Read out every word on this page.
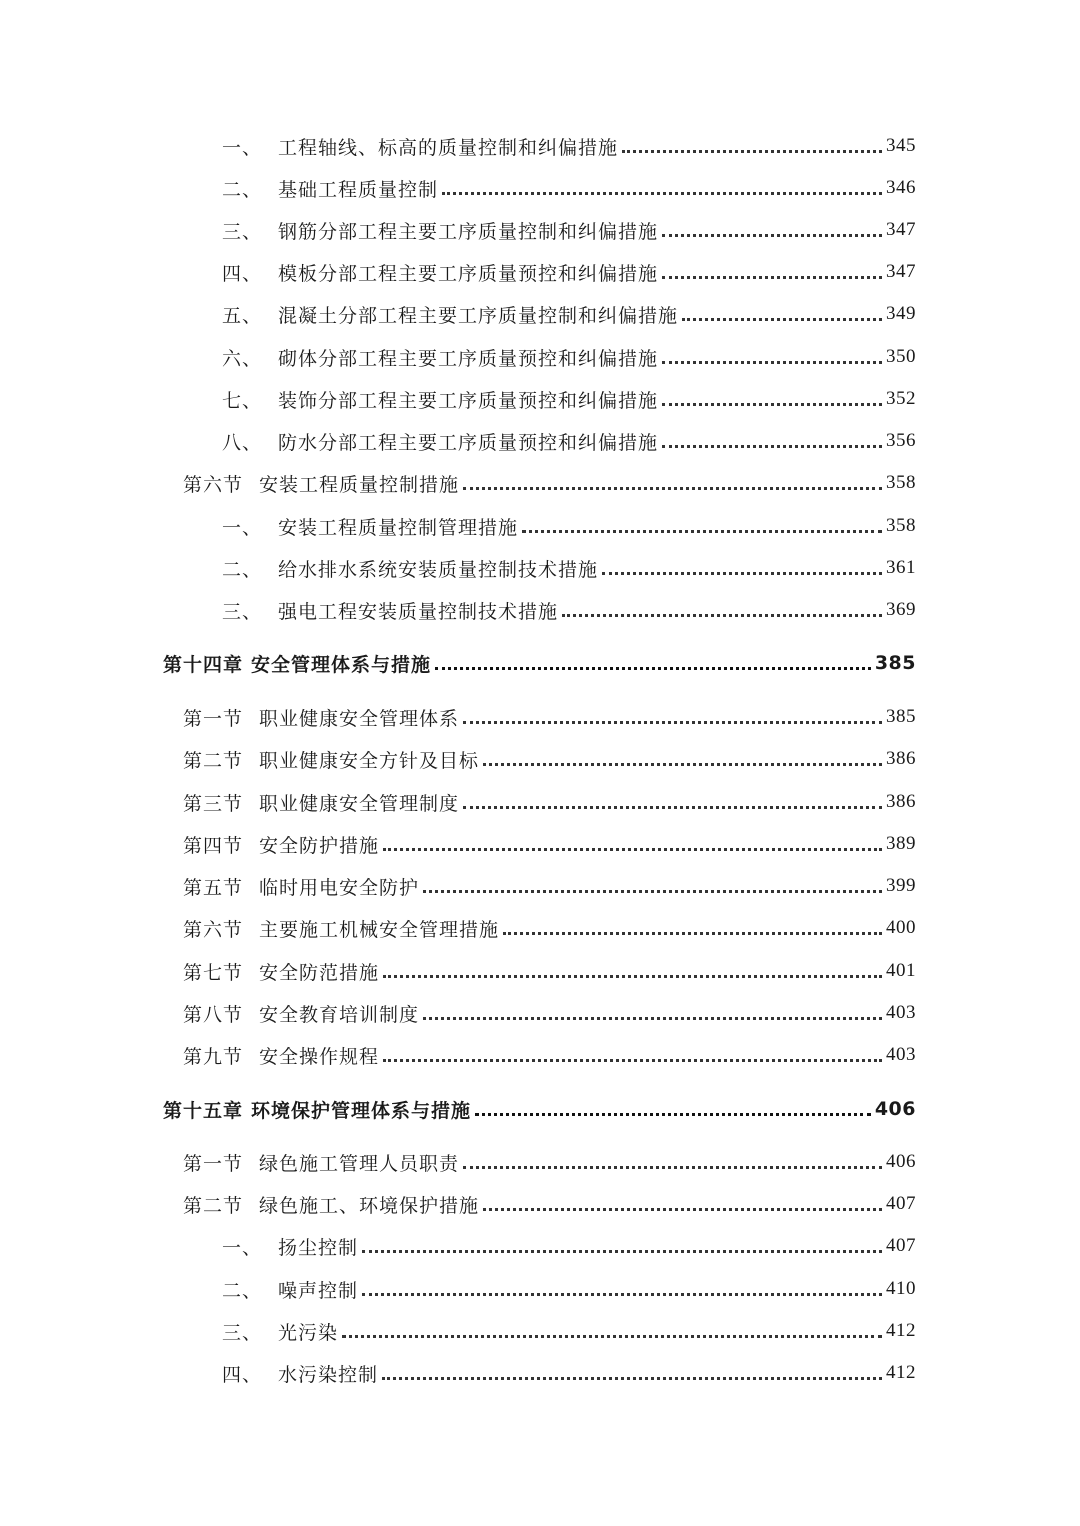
一、 工程轴线、标高的质量控制和纠偏措施	345
二、 基础工程质量控制	346
三、 钢筋分部工程主要工序质量控制和纠偏措施	347
四、 模板分部工程主要工序质量预控和纠偏措施	347
五、 混凝土分部工程主要工序质量控制和纠偏措施	349
六、 砌体分部工程主要工序质量预控和纠偏措施	350
七、 装饰分部工程主要工序质量预控和纠偏措施	352
八、 防水分部工程主要工序质量预控和纠偏措施	356
第六节 安装工程质量控制措施	358
一、 安装工程质量控制管理措施	358
二、 给水排水系统安装质量控制技术措施	361
三、 强电工程安装质量控制技术措施	369
第十四章 安全管理体系与措施	385
第一节 职业健康安全管理体系	385
第二节 职业健康安全方针及目标	386
第三节 职业健康安全管理制度	386
第四节 安全防护措施	389
第五节 临时用电安全防护	399
第六节 主要施工机械安全管理措施	400
第七节 安全防范措施	401
第八节 安全教育培训制度	403
第九节 安全操作规程	403
第十五章 环境保护管理体系与措施	406
第一节 绿色施工管理人员职责	406
第二节 绿色施工、环境保护措施	407
一、 扬尘控制	407
二、 噪声控制	410
三、 光污染	412
四、 水污染控制	412
